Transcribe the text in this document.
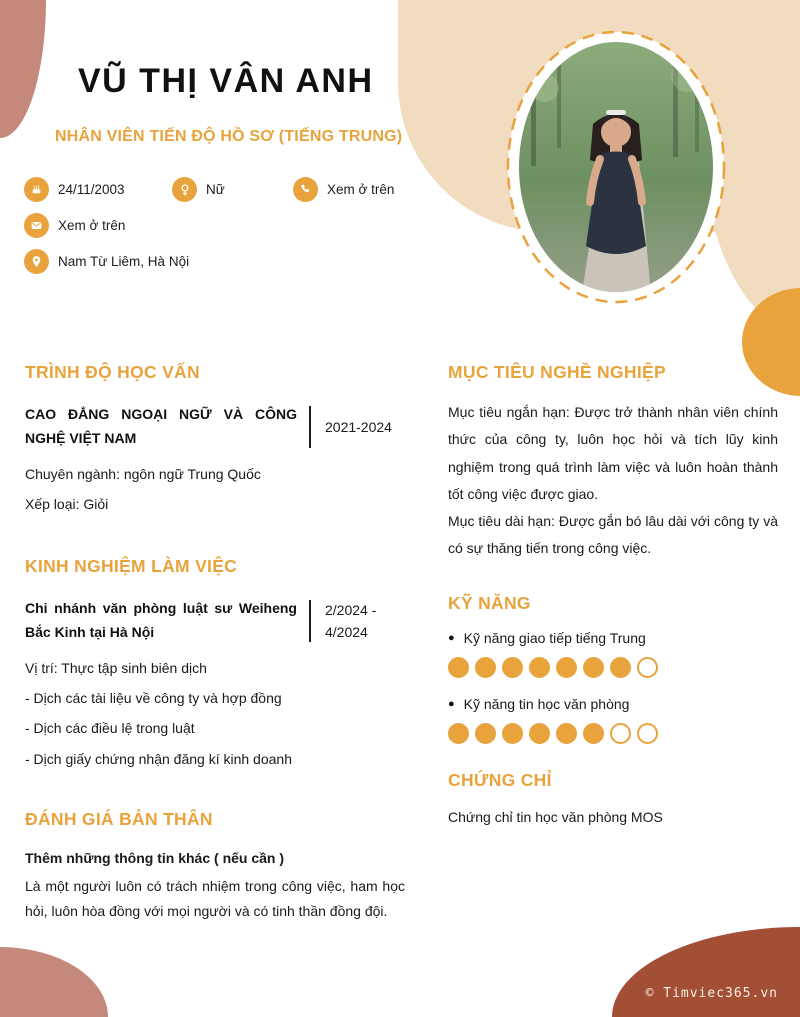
VŨ THỊ VÂN ANH
NHÂN VIÊN TIẾN ĐỘ HỒ SƠ (TIẾNG TRUNG)
24/11/2003	Nữ	Xem ở trên
Xem ở trên
Nam Từ Liêm, Hà Nội
TRÌNH ĐỘ HỌC VẤN
CAO ĐẲNG NGOẠI NGỮ VÀ CÔNG NGHỆ VIỆT NAM
2021-2024
Chuyên ngành: ngôn ngữ Trung Quốc
Xếp loại: Giỏi
KINH NGHIỆM LÀM VIỆC
Chi nhánh văn phòng luật sư Weiheng Bắc Kinh tại Hà Nội
2/2024 - 4/2024
Vị trí: Thực tập sinh biên dịch
- Dịch các tài liệu về công ty và hợp đồng
- Dịch các điều lệ trong luật
- Dịch giấy chứng nhận đăng kí kinh doanh
ĐÁNH GIÁ BẢN THÂN
Thêm những thông tin khác ( nếu cần )

Là một người luôn có trách nhiệm trong công việc, ham học hỏi, luôn hòa đồng với mọi người và có tinh thần đồng đội.

MỤC TIÊU NGHỀ NGHIỆP

Mục tiêu ngắn hạn: Được trở thành nhân viên chính thức của công ty, luôn học hỏi và tích lũy kinh nghiệm trong quá trình làm việc và luôn hoàn thành tốt công việc được giao.

Mục tiêu dài hạn: Được gắn bó lâu dài với công ty và có sự thăng tiến trong công việc.

KỸ NĂNG
● Kỹ năng giao tiếp tiếng Trung
● Kỹ năng tin học văn phòng
CHỨNG CHỈ
Chứng chỉ tin học văn phòng MOS
© Timviec365.vn
